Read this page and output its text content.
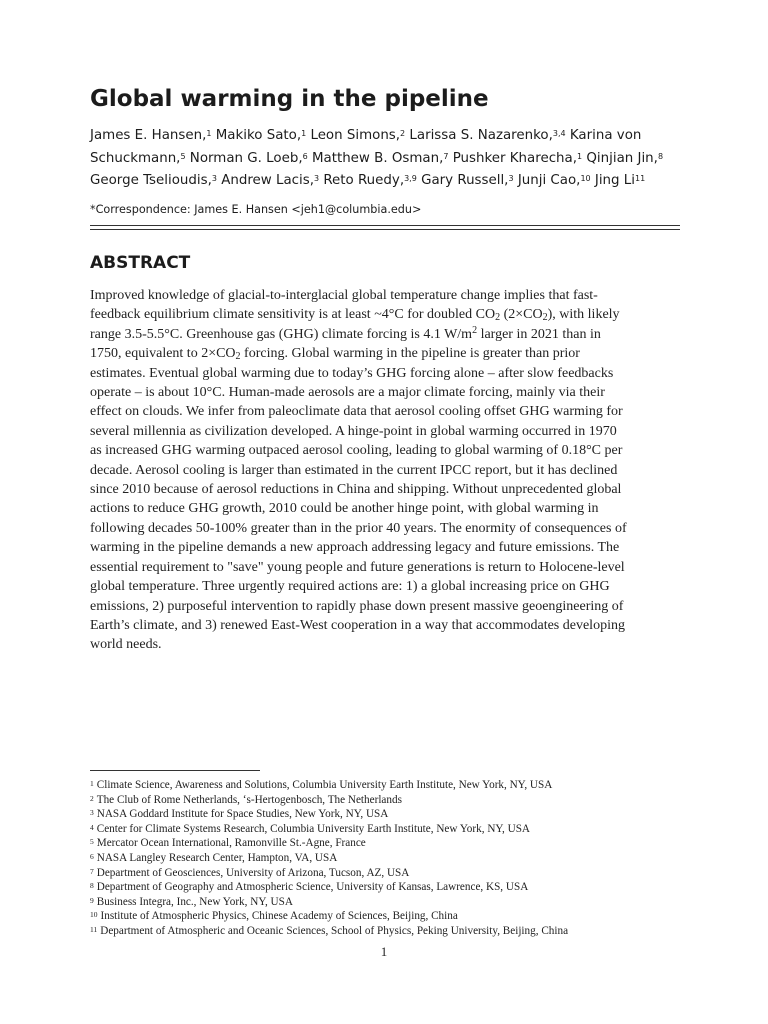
Global warming in the pipeline
James E. Hansen,$^1$ Makiko Sato,$^1$ Leon Simons,$^2$ Larissa S. Nazarenko,$^{3,4}$ Karina von
Schuckmann,$^5$ Norman G. Loeb,$^6$ Matthew B. Osman,$^7$ Pushker Kharecha,$^1$ Qinjian Jin,$^8$
George Tselioudis,$^3$ Andrew Lacis,$^3$ Reto Ruedy,$^{3,9}$ Gary Russell,$^3$ Junji Cao,$^{10}$ Jing Li$^{11}$
*Correspondence: James E. Hansen <jeh1@columbia.edu>
ABSTRACT
Improved knowledge of glacial-to-interglacial global temperature change implies that fast-
feedback equilibrium climate sensitivity is at least ~4°C for doubled $CO_2$ $(2\times CO_2)$, with likely
range 3.5-5.5°C. Greenhouse gas (GHG) climate forcing is 4.1 $W/m^2$ larger in 2021 than in
1750, equivalent to $2\times CO_2$ forcing. Global warming in the pipeline is greater than prior
estimates. Eventual global warming due to today’s GHG forcing alone – after slow feedbacks
operate – is about 10°C. Human-made aerosols are a major climate forcing, mainly via their
effect on clouds. We infer from paleoclimate data that aerosol cooling offset GHG warming for
several millennia as civilization developed. A hinge-point in global warming occurred in 1970
as increased GHG warming outpaced aerosol cooling, leading to global warming of 0.18°C per
decade. Aerosol cooling is larger than estimated in the current IPCC report, but it has declined
since 2010 because of aerosol reductions in China and shipping. Without unprecedented global
actions to reduce GHG growth, 2010 could be another hinge point, with global warming in
following decades 50-100% greater than in the prior 40 years. The enormity of consequences of
warming in the pipeline demands a new approach addressing legacy and future emissions. The
essential requirement to "save" young people and future generations is return to Holocene-level
global temperature. Three urgently required actions are: 1) a global increasing price on GHG
emissions, 2) purposeful intervention to rapidly phase down present massive geoengineering of
Earth’s climate, and 3) renewed East-West cooperation in a way that accommodates developing
world needs.
$^1$ Climate Science, Awareness and Solutions, Columbia University Earth Institute, New York, NY, USA
$^2$ The Club of Rome Netherlands, ‘s-Hertogenbosch, The Netherlands
$^3$ NASA Goddard Institute for Space Studies, New York, NY, USA
$^4$ Center for Climate Systems Research, Columbia University Earth Institute, New York, NY, USA
$^5$ Mercator Ocean International, Ramonville St.-Agne, France
$^6$ NASA Langley Research Center, Hampton, VA, USA
$^7$ Department of Geosciences, University of Arizona, Tucson, AZ, USA
$^8$ Department of Geography and Atmospheric Science, University of Kansas, Lawrence, KS, USA
$^9$ Business Integra, Inc., New York, NY, USA
$^{10}$ Institute of Atmospheric Physics, Chinese Academy of Sciences, Beijing, China
$^{11}$ Department of Atmospheric and Oceanic Sciences, School of Physics, Peking University, Beijing, China
1
